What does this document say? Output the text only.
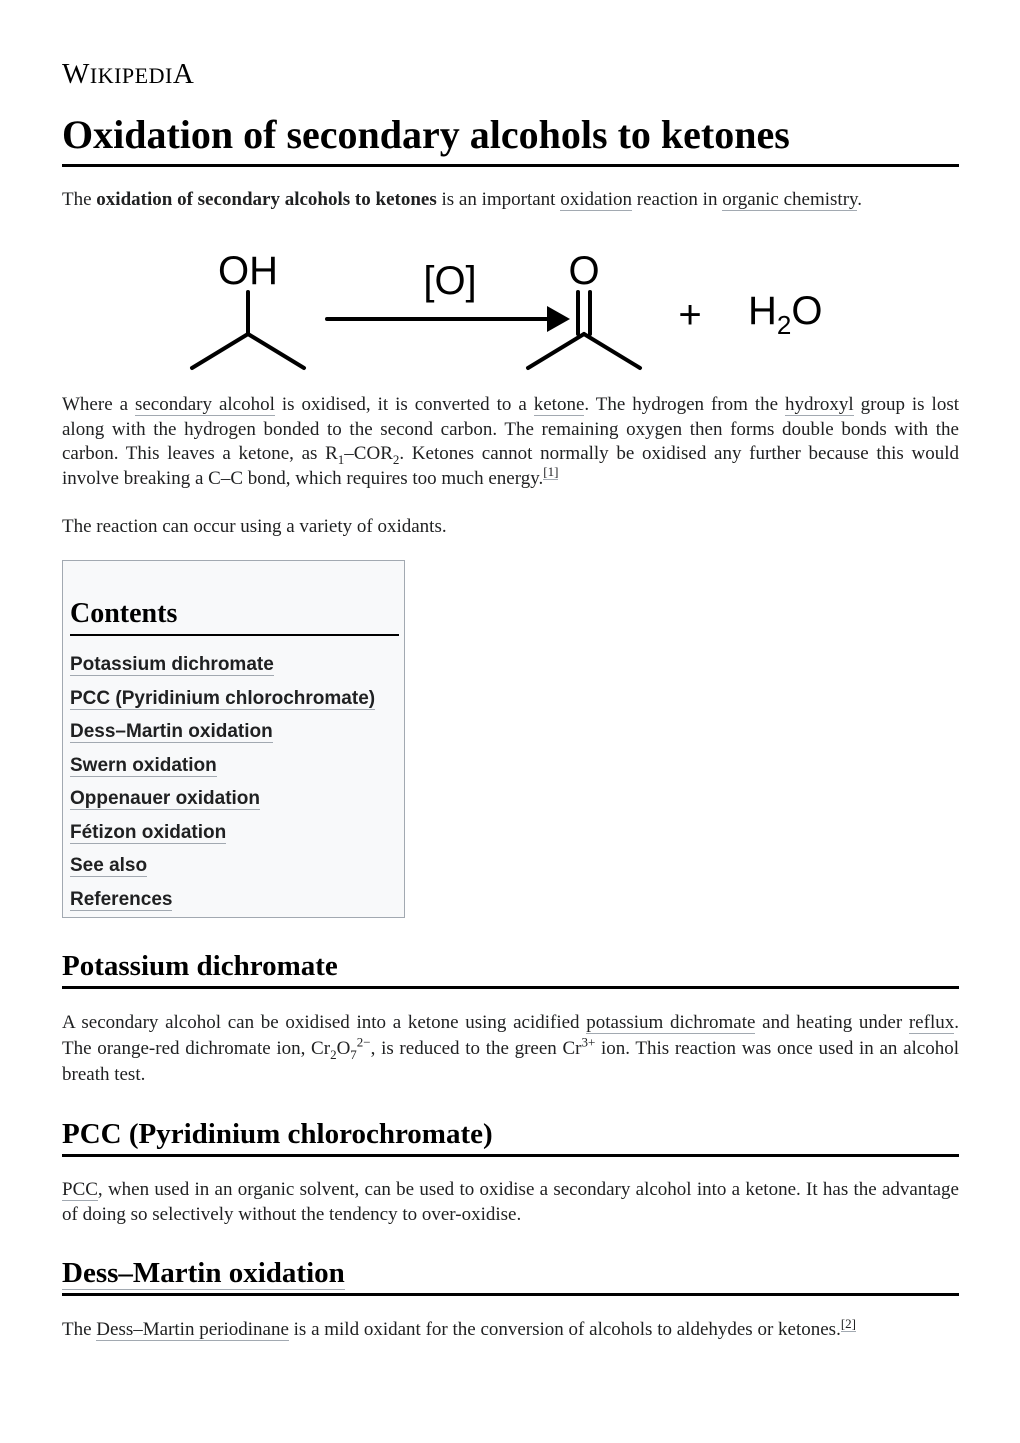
WIKIPEDIA
Oxidation of secondary alcohols to ketones

The oxidation of secondary alcohols to ketones is an important oxidation reaction in organic chemistry.

OH	[O] O
+ $H_2O$

Where a secondary alcohol is oxidised, it is converted to a ketone. The hydrogen from the hydroxyl group is lost along with the hydrogen bonded to the second carbon. The remaining oxygen then forms double bonds with the carbon. This leaves a ketone, as $R_1-COR_2$. Ketones cannot normally be oxidised any further because this would involve breaking a C–C bond, which requires too much energy.[1]

The reaction can occur using a variety of oxidants.

Contents
Potassium dichromate
PCC (Pyridinium chlorochromate)
Dess–Martin oxidation
Swern oxidation
Oppenauer oxidation
Fétizon oxidation
See also
References
Potassium dichromate

A secondary alcohol can be oxidised into a ketone using acidified potassium dichromate and heating under reflux. The orange-red dichromate ion, $Cr_2O_7^{2-}$, is reduced to the green $Cr^{3+}$ ion. This reaction was once used in an alcohol breath test.

PCC (Pyridinium chlorochromate)

PCC, when used in an organic solvent, can be used to oxidise a secondary alcohol into a ketone. It has the advantage of doing so selectively without the tendency to over-oxidise.

Dess–Martin oxidation

The Dess–Martin periodinane is a mild oxidant for the conversion of alcohols to aldehydes or ketones.[2]
